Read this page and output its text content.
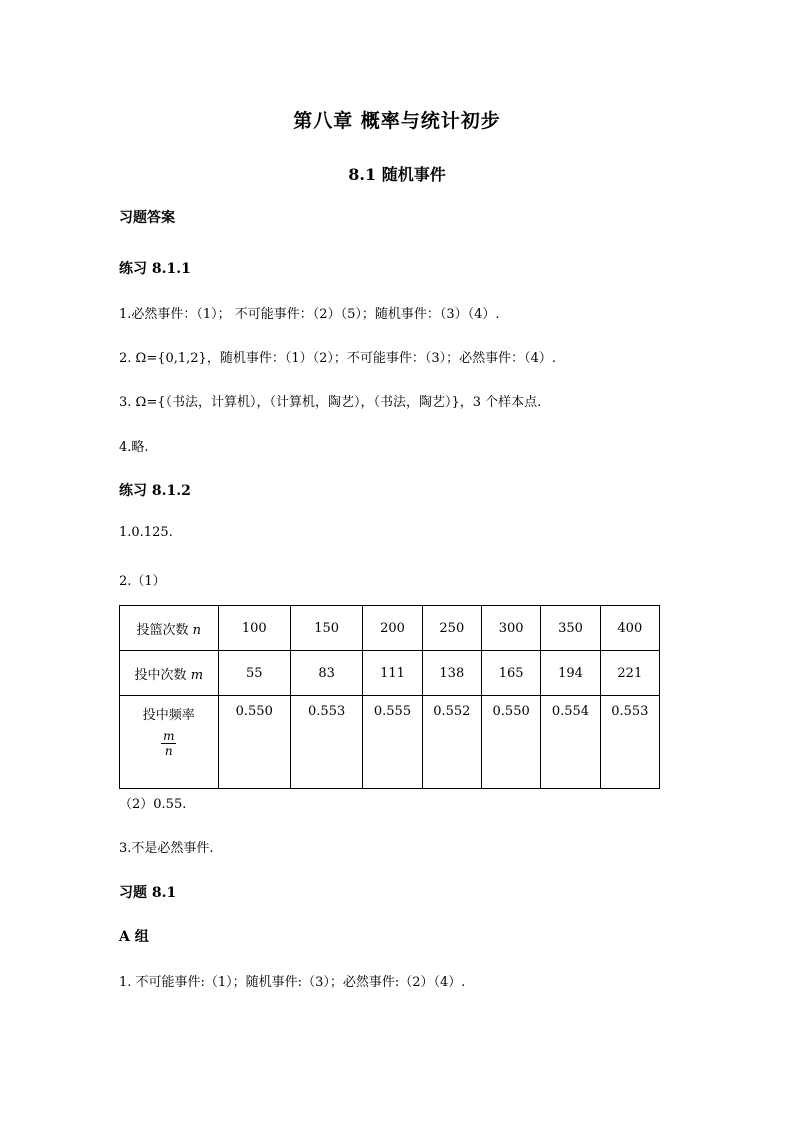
第八章 概率与统计初步
8.1 随机事件
习题答案
练习 8.1.1
1.必然事件：（1）； 不可能事件：（2）（5）；随机事件：（3）（4）.
2. Ω={0,1,2}，随机事件：（1）（2）；不可能事件：（3）；必然事件：（4）.
3. Ω={（书法，计算机），（计算机，陶艺），（书法，陶艺）}，3 个样本点.
4.略.
练习 8.1.2
1.0.125.
2.（1）
投篮次数 n	100	150	200	250	300	350	400
投中次数 m	55	83	111	138	165	194	221

投中频率
$\frac{m}{n}$	0.550	0.553	0.555	0.552	0.550	0.554	0.553
（2）0.55.
3.不是必然事件.
习题 8.1
A 组
1. 不可能事件:（1）；随机事件:（3）；必然事件:（2）（4）.
